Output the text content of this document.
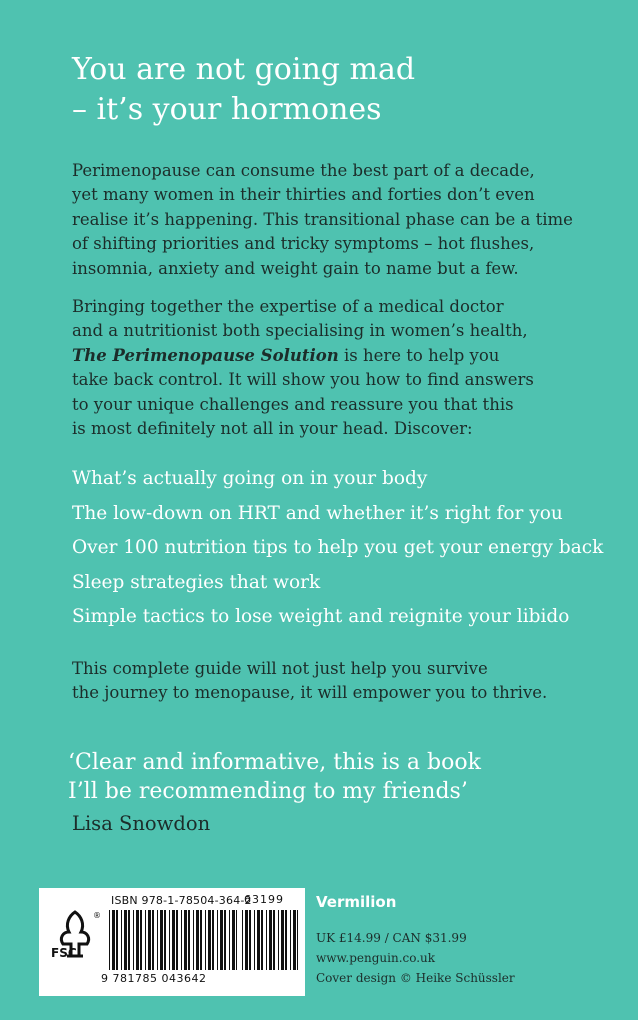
You are not going mad
– it’s your hormones

Perimenopause can consume the best part of a decade,
yet many women in their thirties and forties don’t even
realise it’s happening. This transitional phase can be a time
of shifting priorities and tricky symptoms – hot flushes,
insomnia, anxiety and weight gain to name but a few.

Bringing together the expertise of a medical doctor
and a nutritionist both specialising in women’s health,
The Perimenopause Solution is here to help you
take back control. It will show you how to find answers
to your unique challenges and reassure you that this
is most definitely not all in your head. Discover:

What’s actually going on in your body
The low-down on HRT and whether it’s right for you
Over 100 nutrition tips to help you get your energy back
Sleep strategies that work
Simple tactics to lose weight and reignite your libido

This complete guide will not just help you survive
the journey to menopause, it will empower you to thrive.

‘Clear and informative, this is a book
I’ll be recommending to my friends’
Lisa Snowdon
®
FSC
ISBN 978-1-78504-364-2
63199
9 781785 043642
Vermilion
UK £14.99 / CAN $31.99
www.penguin.co.uk
Cover design © Heike Schüssler
